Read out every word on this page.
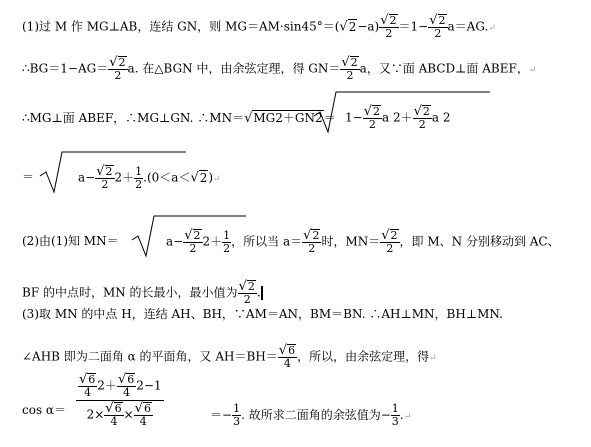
(1)过 M 作 MG⊥AB，连结 GN，则 $MG=AM\cdot\sin 45^\circ=(√2-a) \frac{√2}{2} =1- \frac{√2}{2}$ a＝AG.↵
∴BG＝1−AG＝ $\frac{√2}{2} a$. 在△BGN 中，由余弦定理，得 $GN= \frac{√2}{2}$ a，又∵面 ABCD⊥面 ABEF，↵
∴MG⊥面 ABEF，∴MG⊥GN. ∴MN＝√MG2＋GN2＝ $1- \frac{√2}{2}$ a $2+ \frac{√2}{2}$ a 2
＝	$a- \frac{√2}{2} 2+ \frac{1}{2}$ .(0＜a＜√2)↵
(2)由(1)知 MN＝	$a- \frac{√2}{2} 2+ \frac{1}{2}$ ，所以当 $a= \frac{√2}{2}$ 时，$MN= \frac{√2}{2}$ ，即 M、N 分别移动到 AC、
BF 的中点时，MN 的长最小，最小值为 $\frac{√2}{2}$ .
(3)取 MN 的中点 H，连结 AH、BH，∵AM＝AN，BM＝BN. ∴AH⊥MN，BH⊥MN.
∠AHB 即为二面角 α 的平面角，又 $AH=BH= \frac{√6}{4}$ ，所以，由余弦定理，得↵
$\cos \alpha= \frac{\frac{√6}{4} 2+ \frac{√6}{4} 2-1}{2\times \frac{√6}{4} \times \frac{√6}{4}}$	＝− $\frac{1}{3}$ . 故所求二面角的余弦值为− $\frac{1}{3}$ .↵
